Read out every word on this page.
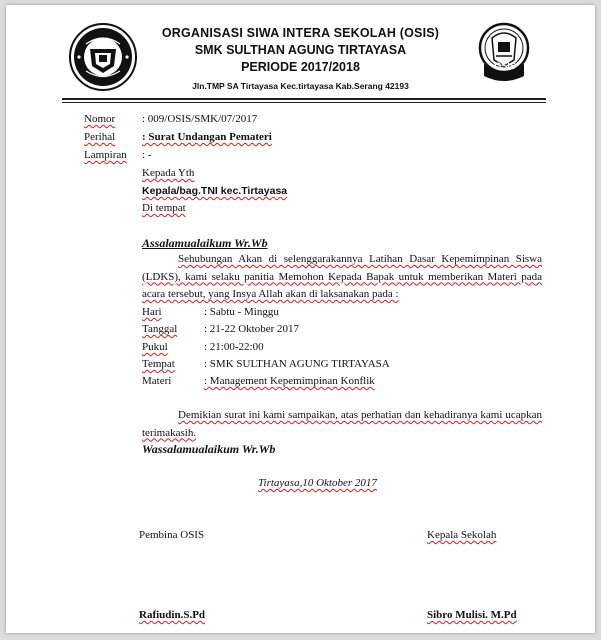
OSIS
ORGANISASI SIWA INTERA SEKOLAH (OSIS)
SMK SULTHAN AGUNG TIRTAYASA
PERIODE 2017/2018
Jln.TMP SA Tirtayasa Kec.tirtayasa Kab.Serang 42193
Nomor : 009/OSIS/SMK/07/2017
Perihal : Surat Undangan Pemateri
Lampiran : -
Kepada Yth
Kepala/bag.TNI kec.Tirtayasa
Di tempat
Assalamualaikum Wr.Wb
Sehubungan Akan di selenggarakannya Latihan Dasar Kepemimpinan Siswa (LDKS), kami selaku panitia Memohon Kepada Bapak untuk memberikan Materi pada acara tersebut, yang Insya Allah akan di laksanakan pada :
Hari	: Sabtu - Minggu
Tanggal : 21-22 Oktober 2017
Pukul	: 21:00-22:00
Tempat	: SMK SULTHAN AGUNG TIRTAYASA
Materi	: Management Kepemimpinan Konflik
Demikian surat ini kami sampaikan, atas perhatian dan kehadiranya kami ucapkan terimakasih.
Wassalamualaikum Wr.Wb
Tirtayasa,10 Oktober 2017
Pembina OSIS	Kepala Sekolah
Rafiudin.S.Pd	Sibro Mulisi. M.Pd
